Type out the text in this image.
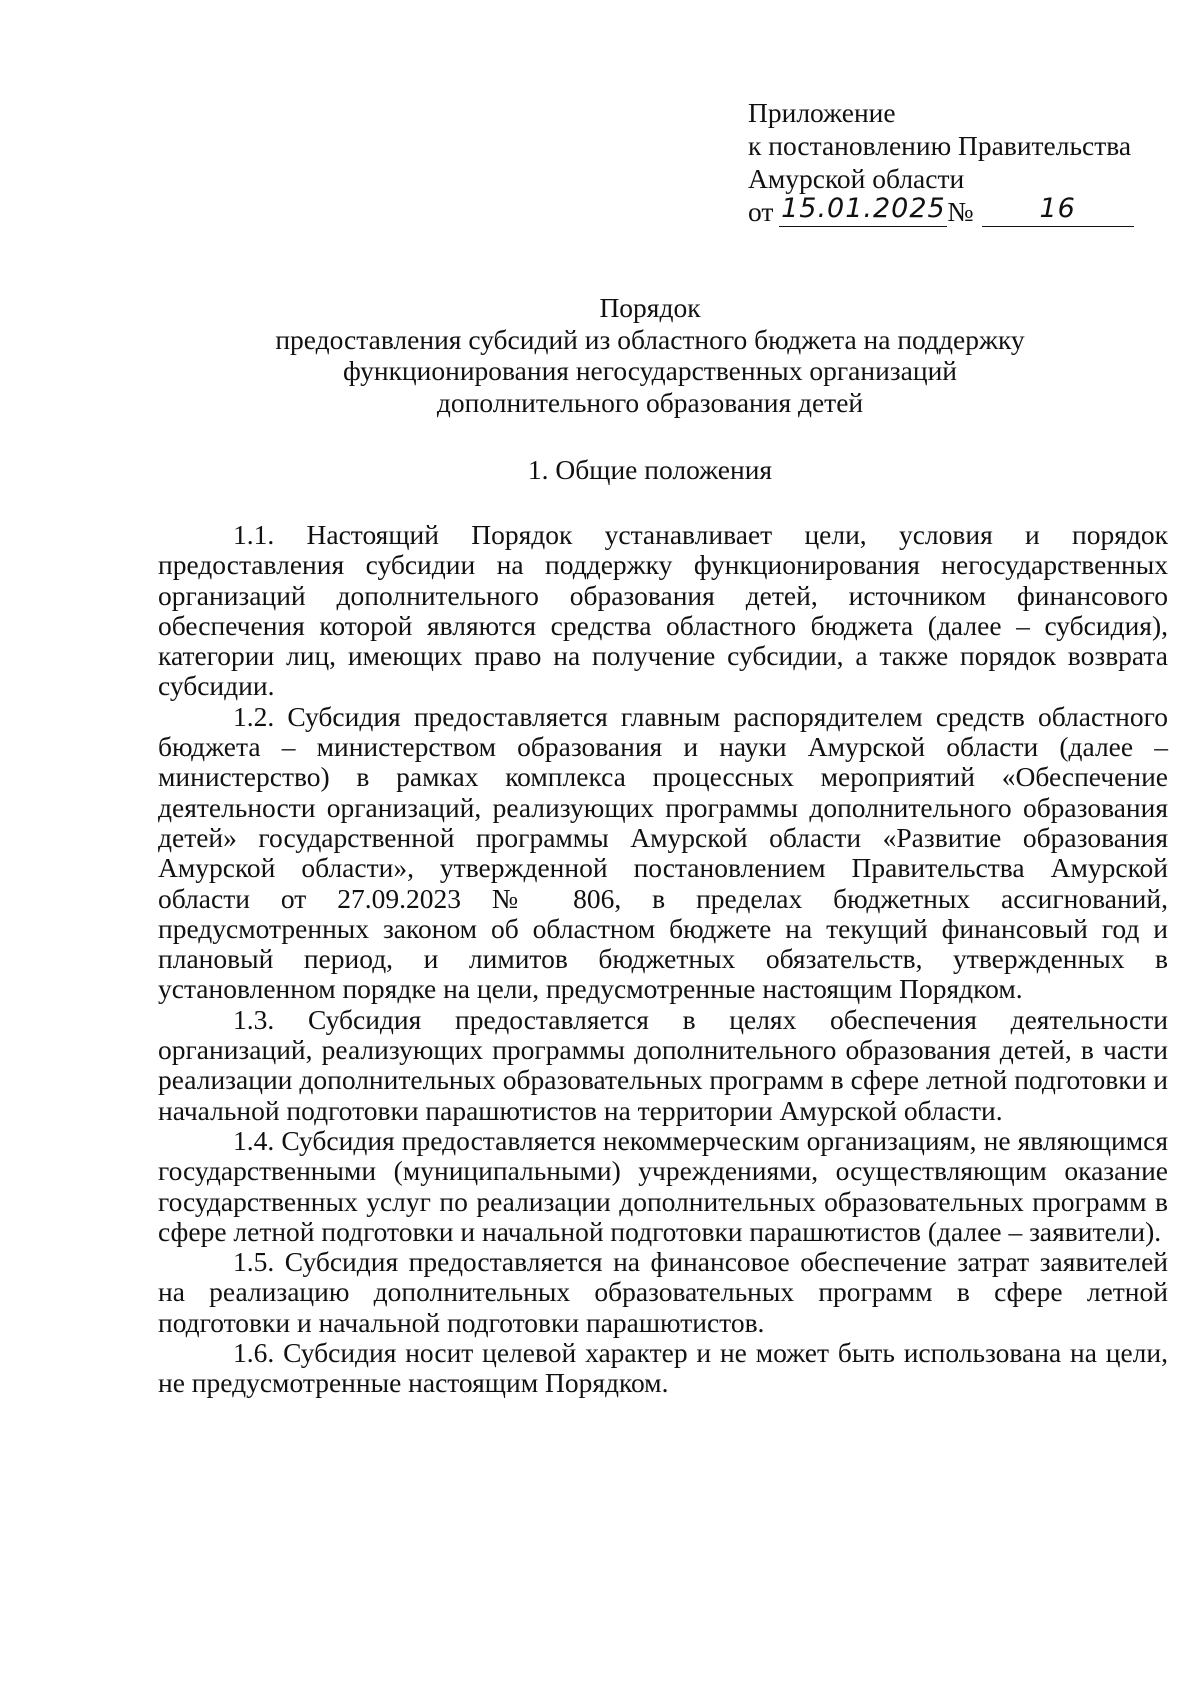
Приложение
к постановлению Правительства
Амурской области
от 15.01.2025№ 16
Порядок
предоставления субсидий из областного бюджета на поддержку
функционирования негосударственных организаций
дополнительного образования детей
1. Общие положения

1.1. Настоящий Порядок устанавливает цели, условия и порядок предоставления субсидии на поддержку функционирования негосударственных организаций дополнительного образования детей, источником финансового обеспечения которой являются средства областного бюджета (далее – субсидия), категории лиц, имеющих право на получение субсидии, а также порядок возврата субсидии.

1.2. Субсидия предоставляется главным распорядителем средств областного бюджета – министерством образования и науки Амурской области (далее – министерство) в рамках комплекса процессных мероприятий «Обеспечение деятельности организаций, реализующих программы дополнительного образования детей» государственной программы Амурской области «Развитие образования Амурской области», утвержденной постановлением Правительства Амурской области от 27.09.2023 № 806, в пределах бюджетных ассигнований, предусмотренных законом об областном бюджете на текущий финансовый год и плановый период, и лимитов бюджетных обязательств, утвержденных в установленном порядке на цели, предусмотренные настоящим Порядком.

1.3. Субсидия предоставляется в целях обеспечения деятельности организаций, реализующих программы дополнительного образования детей, в части реализации дополнительных образовательных программ в сфере летной подготовки и начальной подготовки парашютистов на территории Амурской области.

1.4. Субсидия предоставляется некоммерческим организациям, не являющимся государственными (муниципальными) учреждениями, осуществляющим оказание государственных услуг по реализации дополнительных образовательных программ в сфере летной подготовки и начальной подготовки парашютистов (далее – заявители).

1.5. Субсидия предоставляется на финансовое обеспечение затрат заявителей на реализацию дополнительных образовательных программ в сфере летной подготовки и начальной подготовки парашютистов.

1.6. Субсидия носит целевой характер и не может быть использована на цели, не предусмотренные настоящим Порядком.
